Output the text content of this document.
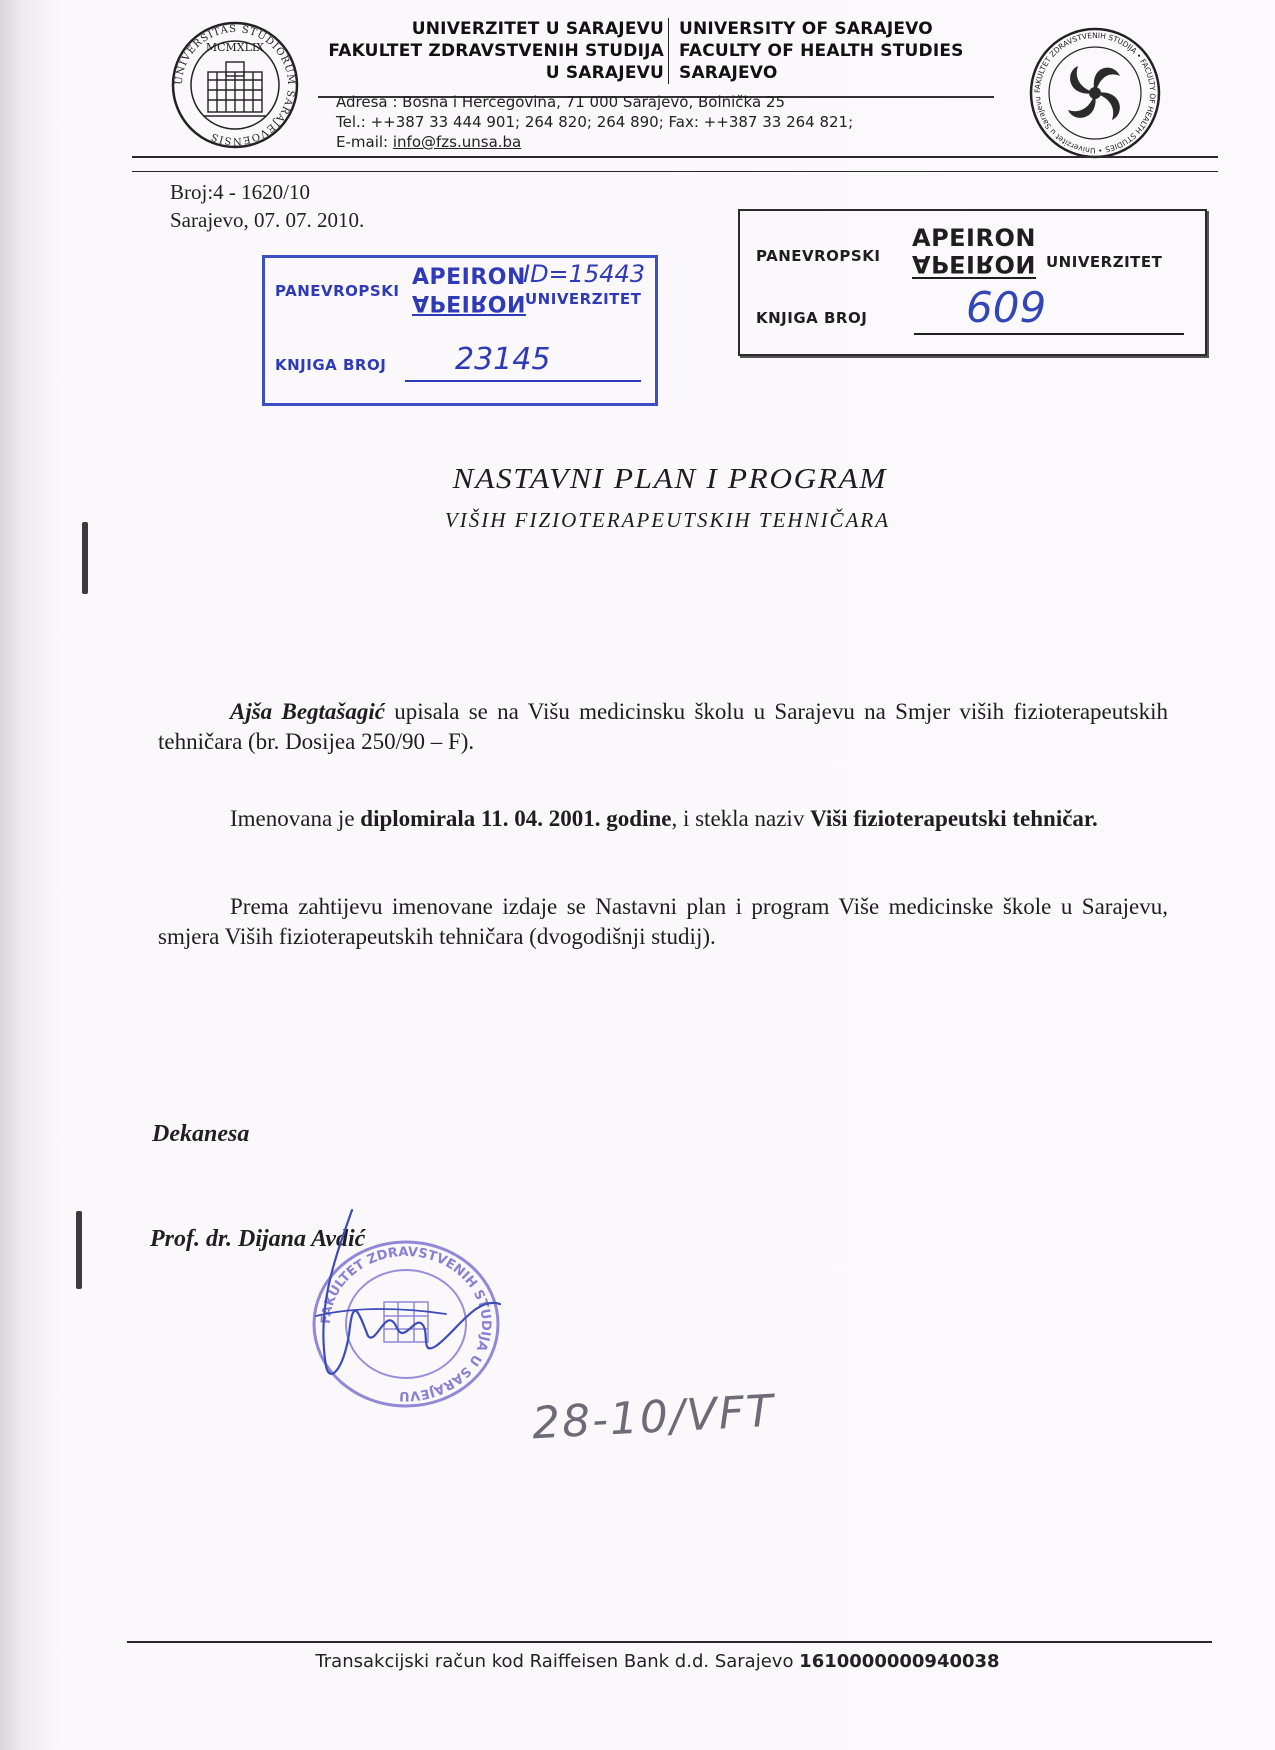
UNIVERSITAS STUDIORUM SARAJEVOENSIS
MCMXLIX
FAKULTET ZDRAVSTVENIH STUDIJA • FACULTY OF HEALTH STUDIES • Univerzitet u Sarajevu
UNIVERZITET U SARAJEVU
FAKULTET ZDRAVSTVENIH STUDIJA
U SARAJEVU
UNIVERSITY OF SARAJEVO
FACULTY OF HEALTH STUDIES
SARAJEVO
Adresa : Bosna i Hercegovina, 71 000 Sarajevo, Bolnička 25
Tel.: ++387 33 444 901; 264 820; 264 890; Fax: ++387 33 264 821;
E-mail: info@fzs.unsa.ba
Broj:4 - 1620/10
Sarajevo, 07. 07. 2010.
PANEVROPSKI
APEIRON
APEIRON UNIVERZITET
ID=15443
KNJIGA BROJ 23145
PANEVROPSKI
APEIRON
APEIRON UNIVERZITET
KNJIGA BROJ 609
NASTAVNI PLAN I PROGRAM
VIŠIH FIZIOTERAPEUTSKIH TEHNIČARA
Ajša Begtašagić upisala se na Višu medicinsku školu u Sarajevu na Smjer viših fizioterapeutskih tehničara (br. Dosijea 250/90 – F).
Imenovana je diplomirala 11. 04. 2001. godine, i stekla naziv Viši fizioterapeutski tehničar.
Prema zahtijevu imenovane izdaje se Nastavni plan i program Više medicinske škole u Sarajevu, smjera Viših fizioterapeutskih tehničara (dvogodišnji studij).
Dekanesa
Prof. dr. Dijana Avdić
FAKULTET ZDRAVSTVENIH STUDIJA U SARAJEVU	28-10/VFT
Transakcijski račun kod Raiffeisen Bank d.d. Sarajevo 1610000000940038
